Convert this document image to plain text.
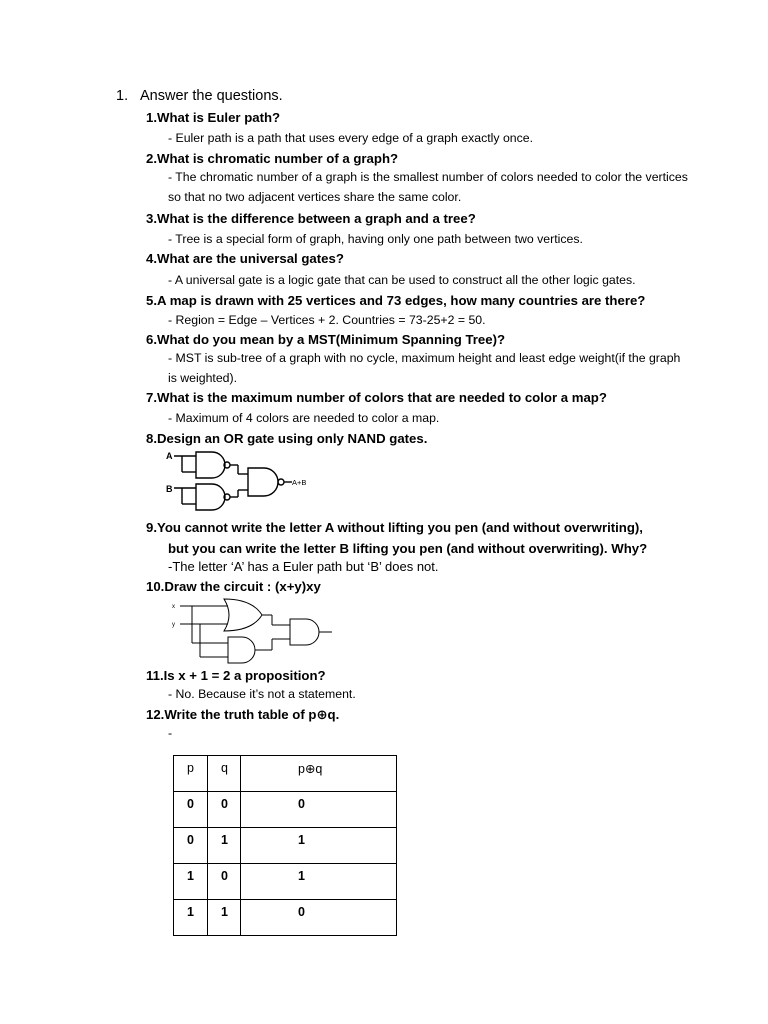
1. Answer the questions.
1.What is Euler path?
- Euler path is a path that uses every edge of a graph exactly once.
2.What is chromatic number of a graph?
- The chromatic number of a graph is the smallest number of colors needed to color the vertices so that no two adjacent vertices share the same color.
3.What is the difference between a graph and a tree?
- Tree is a special form of graph, having only one path between two vertices.
4.What are the universal gates?
- A universal gate is a logic gate that can be used to construct all the other logic gates.
5.A map is drawn with 25 vertices and 73 edges, how many countries are there?
- Region = Edge – Vertices + 2. Countries = 73-25+2 = 50.
6.What do you mean by a MST(Minimum Spanning Tree)?
- MST is sub-tree of a graph with no cycle, maximum height and least edge weight(if the graph is weighted).
7.What is the maximum number of colors that are needed to color a map?
- Maximum of 4 colors are needed to color a map.
8.Design an OR gate using only NAND gates.
A
B
A+B
9.You cannot write the letter A without lifting you pen (and without overwriting),
but you can write the letter B lifting you pen (and without overwriting). Why?
-The letter ‘A’ has a Euler path but ‘B’ does not.
10.Draw the circuit : (x+y)xy
x
y
11.Is x + 1 = 2 a proposition?
- No. Because it’s not a statement.
12.Write the truth table of p⊕q.
-
p	q	p⊕q
0	0	0
0	1	1
1	0	1
1	1	0
